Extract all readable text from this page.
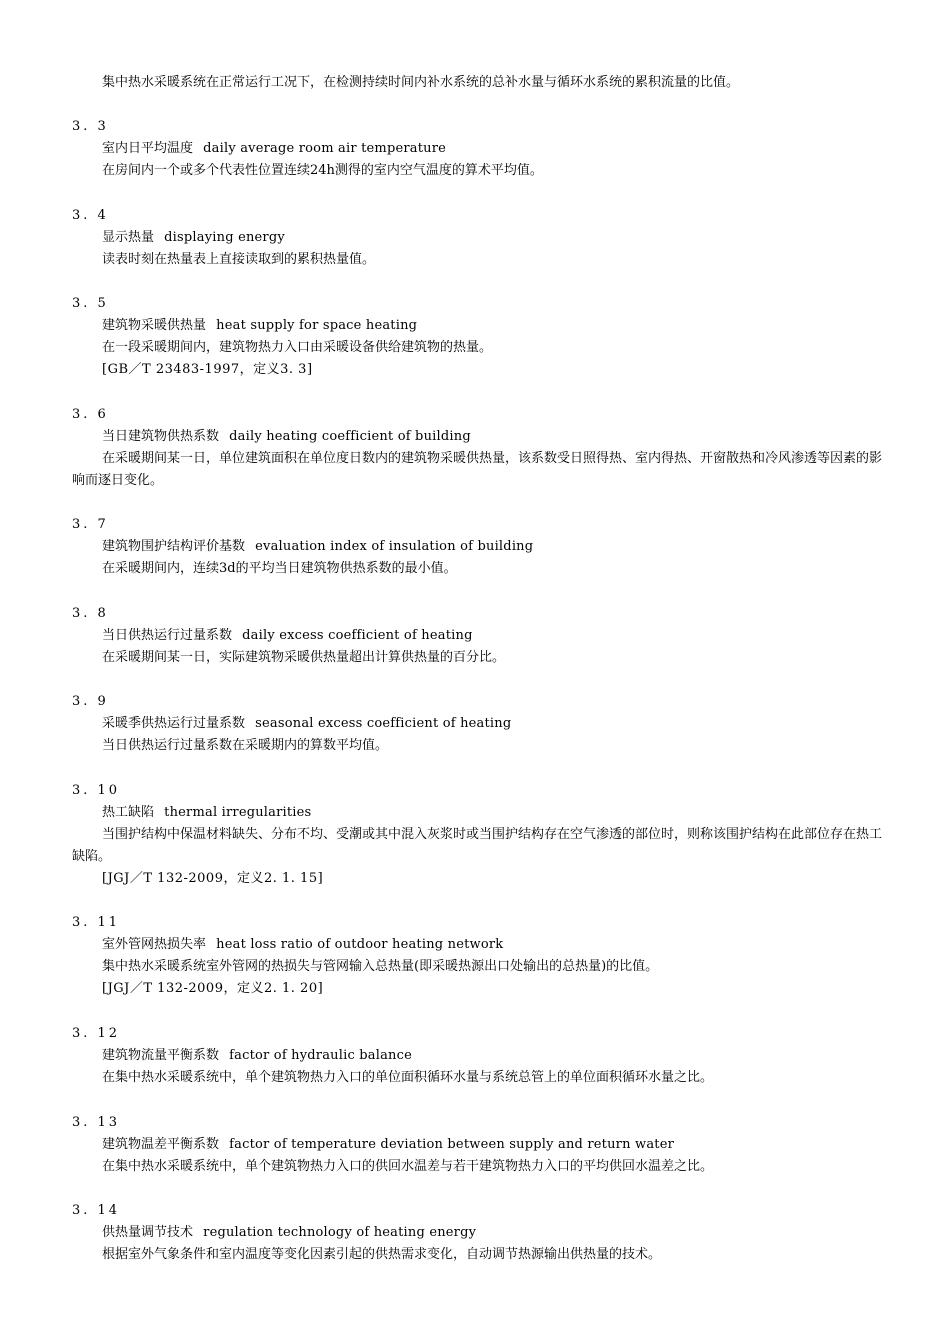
集中热水采暖系统在正常运行工况下，在检测持续时间内补水系统的总补水量与循环水系统的累积流量的比值。
3. 3
室内日平均温度 daily average room air temperature
在房间内一个或多个代表性位置连续24h测得的室内空气温度的算术平均值。
3. 4
显示热量 displaying energy
读表时刻在热量表上直接读取到的累积热量值。
3. 5
建筑物采暖供热量 heat supply for space heating
在一段采暖期间内，建筑物热力入口由采暖设备供给建筑物的热量。
[GB／T 23483-1997，定义3. 3]
3. 6
当日建筑物供热系数 daily heating coefficient of building
在采暖期间某一日，单位建筑面积在单位度日数内的建筑物采暖供热量，该系数受日照得热、室内得热、开窗散热和冷风渗透等因素的影响而逐日变化。
3. 7
建筑物围护结构评价基数 evaluation index of insulation of building
在采暖期间内，连续3d的平均当日建筑物供热系数的最小值。
3. 8
当日供热运行过量系数 daily excess coefficient of heating
在采暖期间某一日，实际建筑物采暖供热量超出计算供热量的百分比。
3. 9
采暖季供热运行过量系数 seasonal excess coefficient of heating
当日供热运行过量系数在采暖期内的算数平均值。
3. 10
热工缺陷 thermal irregularities
当围护结构中保温材料缺失、分布不均、受潮或其中混入灰浆时或当围护结构存在空气渗透的部位时，则称该围护结构在此部位存在热工缺陷。
[JGJ／T 132-2009，定义2. 1. 15]
3. 11
室外管网热损失率 heat loss ratio of outdoor heating network
集中热水采暖系统室外管网的热损失与管网输入总热量(即采暖热源出口处输出的总热量)的比值。
[JGJ／T 132-2009，定义2. 1. 20]
3. 12
建筑物流量平衡系数 factor of hydraulic balance
在集中热水采暖系统中，单个建筑物热力入口的单位面积循环水量与系统总管上的单位面积循环水量之比。
3. 13
建筑物温差平衡系数 factor of temperature deviation between supply and return water
在集中热水采暖系统中，单个建筑物热力入口的供回水温差与若干建筑物热力入口的平均供回水温差之比。
3. 14
供热量调节技术 regulation technology of heating energy
根据室外气象条件和室内温度等变化因素引起的供热需求变化，自动调节热源输出供热量的技术。
